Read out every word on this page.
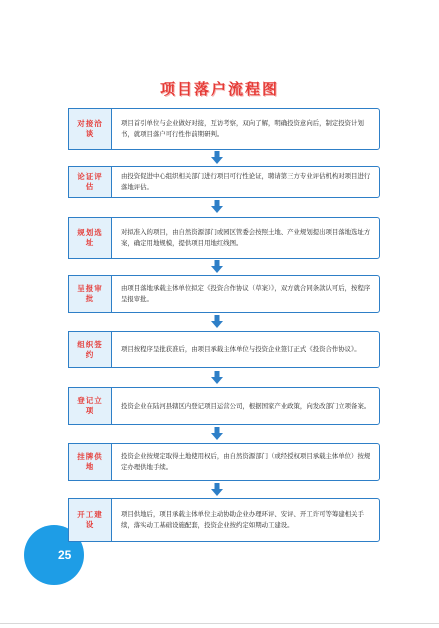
项目落户流程图
对接洽谈
项目首引单位与企业做好对接，互访考察，双向了解，明确投资意向后，制定投资计划书，就项目落户可行性作前期研判。
论证评估
由投资促进中心组织相关部门进行项目可行性论证，聘请第三方专业评估机构对项目进行落地评估。
规划选址
对拟准入的项目，由自然资源部门或园区管委会按照土地、产业规划提出项目落地选址方案，确定用地规模，提供项目用地红线图。
呈报审批
由项目落地承载主体单位拟定《投资合作协议（草案）》，双方就合同条款认可后，按程序呈报审批。
组织签约
项目按程序呈批获准后，由项目承载主体单位与投资企业签订正式《投资合作协议》。
登记立项
投资企业在陆河县辖区内登记项目运营公司，根据国家产业政策，向发改部门立项备案。
挂牌供地
投资企业按规定取得土地使用权后，由自然资源部门（或经授权项目承载主体单位）按规定办理供地手续。
开工建设
项目供地后，项目承载主体单位主动协助企业办理环评、安评、开工许可等筹建相关手续，落实动工基础设施配套，投资企业按约定如期动工建设。
25
